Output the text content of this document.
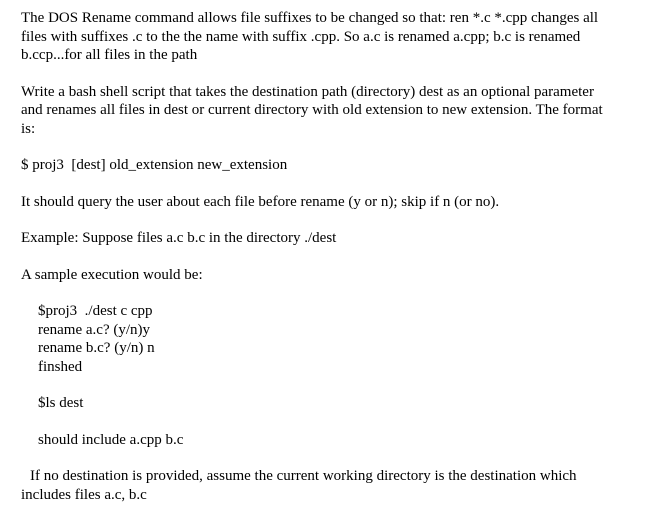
The DOS Rename command allows file suffixes to be changed so that: ren *.c *.cpp changes all
files with suffixes .c to the the name with suffix .cpp. So a.c is renamed a.cpp; b.c is renamed
b.ccp...for all files in the path
Write a bash shell script that takes the destination path (directory) dest as an optional parameter
and renames all files in dest or current directory with old extension to new extension. The format
is:
$ proj3  [dest] old_extension new_extension
It should query the user about each file before rename (y or n); skip if n (or no).
Example: Suppose files a.c b.c in the directory ./dest
A sample execution would be:
$proj3  ./dest c cpp
rename a.c? (y/n)y
rename b.c? (y/n) n
finshed
$ls dest
should include a.cpp b.c
If no destination is provided, assume the current working directory is the destination which
includes files a.c, b.c
